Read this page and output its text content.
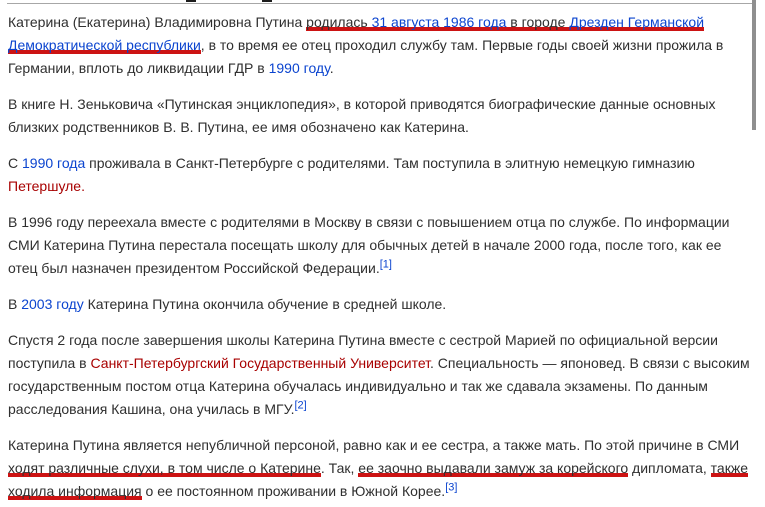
Катерина (Екатерина) Владимировна Путина родилась 31 августа 1986 года в городе Дрезден Германской Демократической республики, в то время ее отец проходил службу там. Первые годы своей жизни прожила в Германии, вплоть до ликвидации ГДР в 1990 году.

В книге Н. Зеньковича «Путинская энциклопедия», в которой приводятся биографические данные основных близких родственников В. В. Путина, ее имя обозначено как Катерина.

С 1990 года проживала в Санкт-Петербурге с родителями. Там поступила в элитную немецкую гимназию Петершуле.

В 1996 году переехала вместе с родителями в Москву в связи с повышением отца по службе. По информации СМИ Катерина Путина перестала посещать школу для обычных детей в начале 2000 года, после того, как ее отец был назначен президентом Российской Федерации.[1]

В 2003 году Катерина Путина окончила обучение в средней школе.

Спустя 2 года после завершения школы Катерина Путина вместе с сестрой Марией по официальной версии поступила в Санкт-Петербургский Государственный Университет. Специальность — японовед. В связи с высоким государственным постом отца Катерина обучалась индивидуально и так же сдавала экзамены. По данным расследования Кашина, она училась в МГУ.[2]

Катерина Путина является непубличной персоной, равно как и ее сестра, а также мать. По этой причине в СМИ ходят различные слухи, в том числе о Катерине. Так, ее заочно выдавали замуж за корейского дипломата, также ходила информация о ее постоянном проживании в Южной Корее.[3]
